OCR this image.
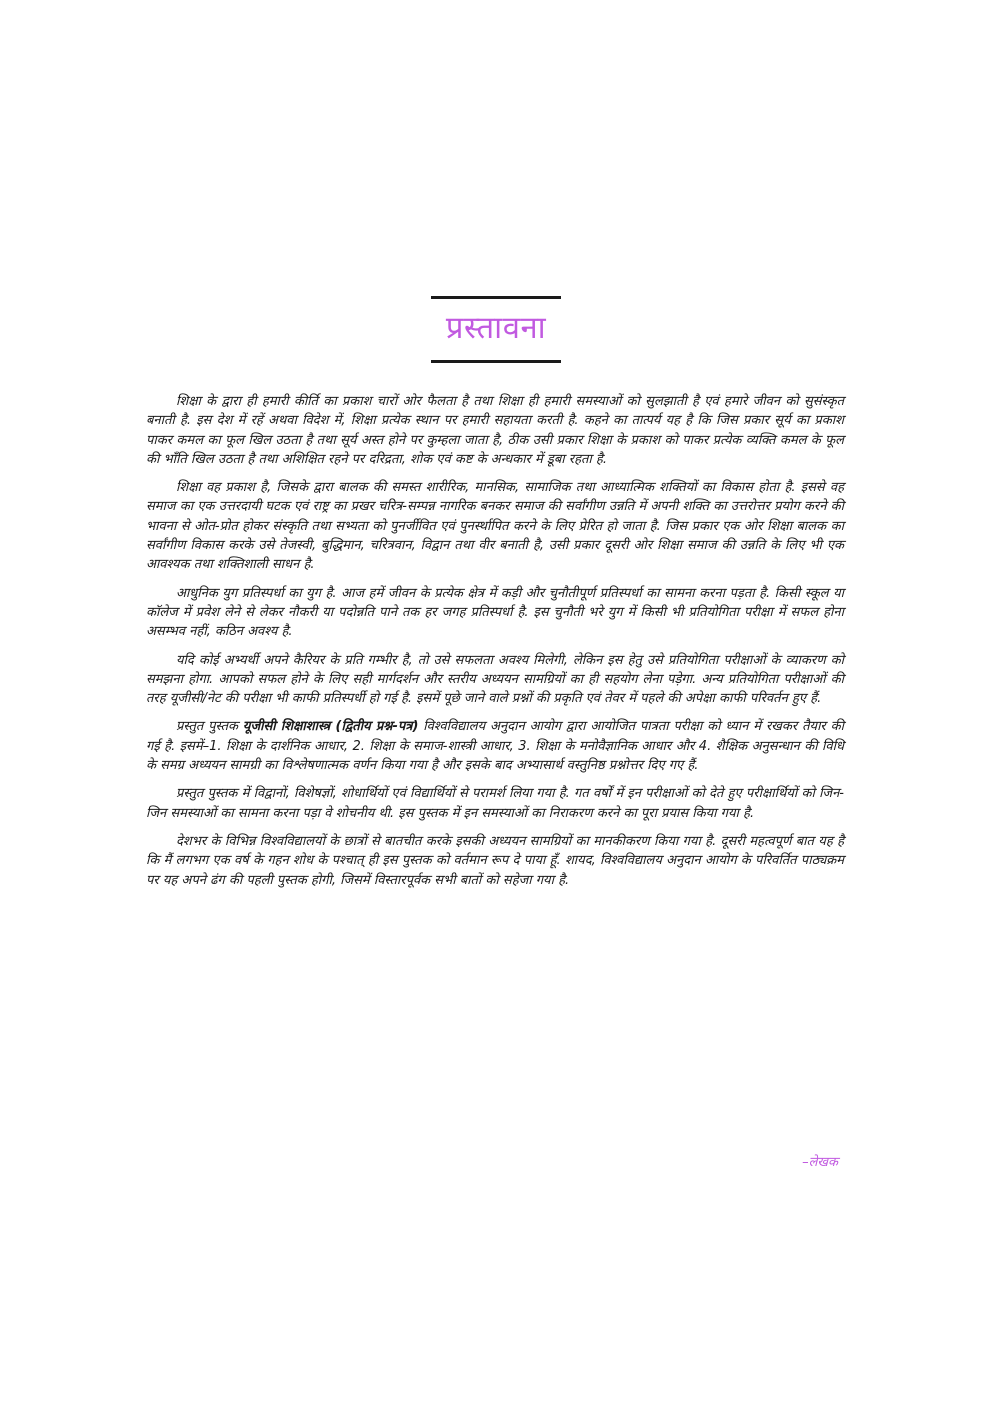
प्रस्तावना

शिक्षा के द्वारा ही हमारी कीर्ति का प्रकाश चारों ओर फैलता है तथा शिक्षा ही हमारी समस्याओं को सुलझाती है एवं हमारे जीवन को सुसंस्कृत बनाती है. इस देश में रहें अथवा विदेश में, शिक्षा प्रत्येक स्थान पर हमारी सहायता करती है. कहने का तात्पर्य यह है कि जिस प्रकार सूर्य का प्रकाश पाकर कमल का फूल खिल उठता है तथा सूर्य अस्त होने पर कुम्हला जाता है, ठीक उसी प्रकार शिक्षा के प्रकाश को पाकर प्रत्येक व्यक्ति कमल के फूल की भाँति खिल उठता है तथा अशिक्षित रहने पर दरिद्रता, शोक एवं कष्ट के अन्धकार में डूबा रहता है.

शिक्षा वह प्रकाश है, जिसके द्वारा बालक की समस्त शारीरिक, मानसिक, सामाजिक तथा आध्यात्मिक शक्तियों का विकास होता है. इससे वह समाज का एक उत्तरदायी घटक एवं राष्ट्र का प्रखर चरित्र-सम्पन्न नागरिक बनकर समाज की सर्वांगीण उन्नति में अपनी शक्ति का उत्तरोत्तर प्रयोग करने की भावना से ओत-प्रोत होकर संस्कृति तथा सभ्यता को पुनर्जीवित एवं पुनर्स्थापित करने के लिए प्रेरित हो जाता है. जिस प्रकार एक ओर शिक्षा बालक का सर्वांगीण विकास करके उसे तेजस्वी, बुद्धिमान, चरित्रवान, विद्वान तथा वीर बनाती है, उसी प्रकार दूसरी ओर शिक्षा समाज की उन्नति के लिए भी एक आवश्यक तथा शक्तिशाली साधन है.

आधुनिक युग प्रतिस्पर्धा का युग है. आज हमें जीवन के प्रत्येक क्षेत्र में कड़ी और चुनौतीपूर्ण प्रतिस्पर्धा का सामना करना पड़ता है. किसी स्कूल या कॉलेज में प्रवेश लेने से लेकर नौकरी या पदोन्नति पाने तक हर जगह प्रतिस्पर्धा है. इस चुनौती भरे युग में किसी भी प्रतियोगिता परीक्षा में सफल होना असम्भव नहीं, कठिन अवश्य है.

यदि कोई अभ्यर्थी अपने कैरियर के प्रति गम्भीर है, तो उसे सफलता अवश्य मिलेगी, लेकिन इस हेतु उसे प्रतियोगिता परीक्षाओं के व्याकरण को समझना होगा. आपको सफल होने के लिए सही मार्गदर्शन और स्तरीय अध्ययन सामग्रियों का ही सहयोग लेना पड़ेगा. अन्य प्रतियोगिता परीक्षाओं की तरह यूजीसी/नेट की परीक्षा भी काफी प्रतिस्पर्धी हो गई है. इसमें पूछे जाने वाले प्रश्नों की प्रकृति एवं तेवर में पहले की अपेक्षा काफी परिवर्तन हुए हैं.

प्रस्तुत पुस्तक यूजीसी शिक्षाशास्त्र (द्वितीय प्रश्न-पत्र) विश्वविद्यालय अनुदान आयोग द्वारा आयोजित पात्रता परीक्षा को ध्यान में रखकर तैयार की गई है. इसमें–1. शिक्षा के दार्शनिक आधार, 2. शिक्षा के समाज-शास्त्री आधार, 3. शिक्षा के मनोवैज्ञानिक आधार और 4. शैक्षिक अनुसन्धान की विधि के समग्र अध्ययन सामग्री का विश्लेषणात्मक वर्णन किया गया है और इसके बाद अभ्यासार्थ वस्तुनिष्ठ प्रश्नोत्तर दिए गए हैं.

प्रस्तुत पुस्तक में विद्वानों, विशेषज्ञों, शोधार्थियों एवं विद्यार्थियों से परामर्श लिया गया है. गत वर्षों में इन परीक्षाओं को देते हुए परीक्षार्थियों को जिन-जिन समस्याओं का सामना करना पड़ा वे शोचनीय थी. इस पुस्तक में इन समस्याओं का निराकरण करने का पूरा प्रयास किया गया है.

देशभर के विभिन्न विश्वविद्यालयों के छात्रों से बातचीत करके इसकी अध्ययन सामग्रियों का मानकीकरण किया गया है. दूसरी महत्वपूर्ण बात यह है कि मैं लगभग एक वर्ष के गहन शोध के पश्चात् ही इस पुस्तक को वर्तमान रूप दे पाया हूँ. शायद, विश्वविद्यालय अनुदान आयोग के परिवर्तित पाठ्यक्रम पर यह अपने ढंग की पहली पुस्तक होगी, जिसमें विस्तारपूर्वक सभी बातों को सहेजा गया है.

–लेखक
